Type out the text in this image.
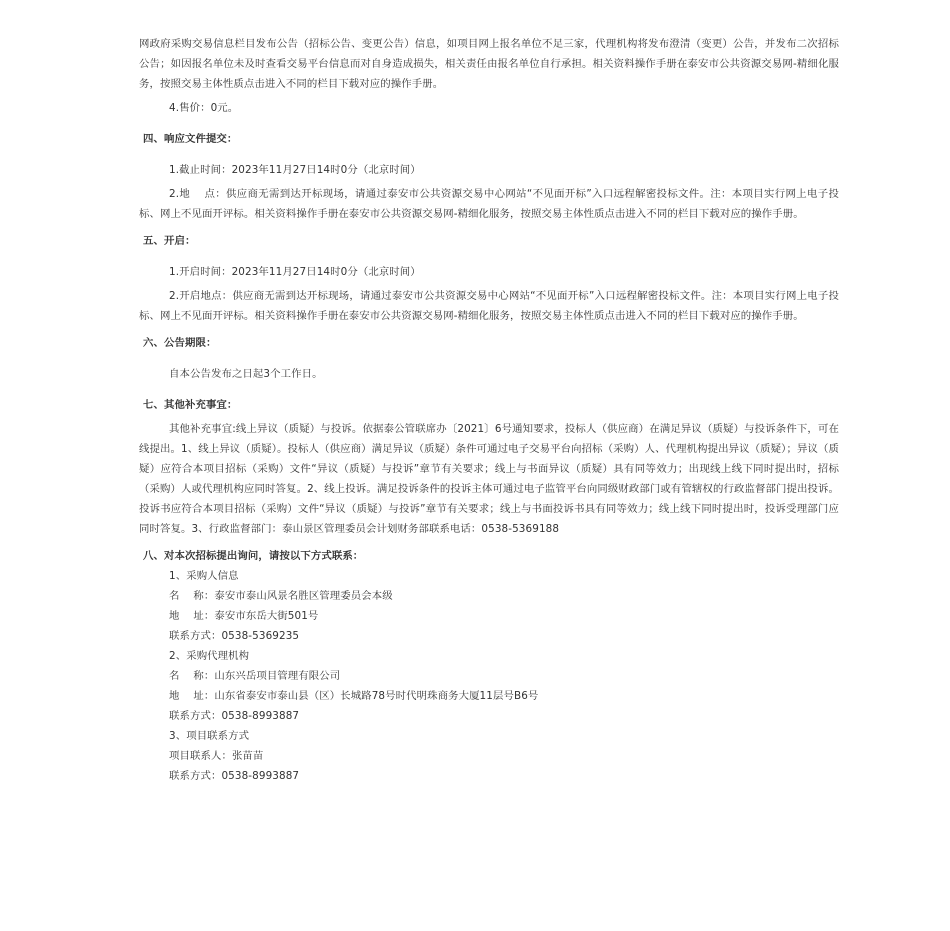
网政府采购交易信息栏目发布公告（招标公告、变更公告）信息，如项目网上报名单位不足三家，代理机构将发布澄清（变更）公告，并发布二次招标公告；如因报名单位未及时查看交易平台信息而对自身造成损失，相关责任由报名单位自行承担。相关资料操作手册在泰安市公共资源交易网-精细化服务，按照交易主体性质点击进入不同的栏目下载对应的操作手册。

4.售价：0元。

四、响应文件提交：

1.截止时间：2023年11月27日14时0分（北京时间）

2.地　 点：供应商无需到达开标现场，请通过泰安市公共资源交易中心网站“不见面开标”入口远程解密投标文件。注：本项目实行网上电子投标、网上不见面开评标。相关资料操作手册在泰安市公共资源交易网-精细化服务，按照交易主体性质点击进入不同的栏目下载对应的操作手册。

五、开启：

1.开启时间：2023年11月27日14时0分（北京时间）

2.开启地点：供应商无需到达开标现场，请通过泰安市公共资源交易中心网站“不见面开标”入口远程解密投标文件。注：本项目实行网上电子投标、网上不见面开评标。相关资料操作手册在泰安市公共资源交易网-精细化服务，按照交易主体性质点击进入不同的栏目下载对应的操作手册。

六、公告期限：

自本公告发布之日起3个工作日。

七、其他补充事宜：

其他补充事宜:线上异议（质疑）与投诉。依据泰公管联席办〔2021〕6号通知要求，投标人（供应商）在满足异议（质疑）与投诉条件下，可在线提出。1、线上异议（质疑）。投标人（供应商）满足异议（质疑）条件可通过电子交易平台向招标（采购）人、代理机构提出异议（质疑）；异议（质疑）应符合本项目招标（采购）文件“异议（质疑）与投诉”章节有关要求；线上与书面异议（质疑）具有同等效力；出现线上线下同时提出时，招标（采购）人或代理机构应同时答复。2、线上投诉。满足投诉条件的投诉主体可通过电子监管平台向同级财政部门或有管辖权的行政监督部门提出投诉。投诉书应符合本项目招标（采购）文件“异议（质疑）与投诉”章节有关要求；线上与书面投诉书具有同等效力；线上线下同时提出时，投诉受理部门应同时答复。3、行政监督部门：泰山景区管理委员会计划财务部联系电话：0538-5369188

八、对本次招标提出询问，请按以下方式联系：

1、采购人信息

名　 称：泰安市泰山风景名胜区管理委员会本级

地　 址：泰安市东岳大街501号

联系方式：0538-5369235

2、采购代理机构

名　 称：山东兴岳项目管理有限公司

地　 址：山东省泰安市泰山县（区）长城路78号时代明珠商务大厦11层号B6号

联系方式：0538-8993887

3、项目联系方式

项目联系人：张苗苗

联系方式：0538-8993887
